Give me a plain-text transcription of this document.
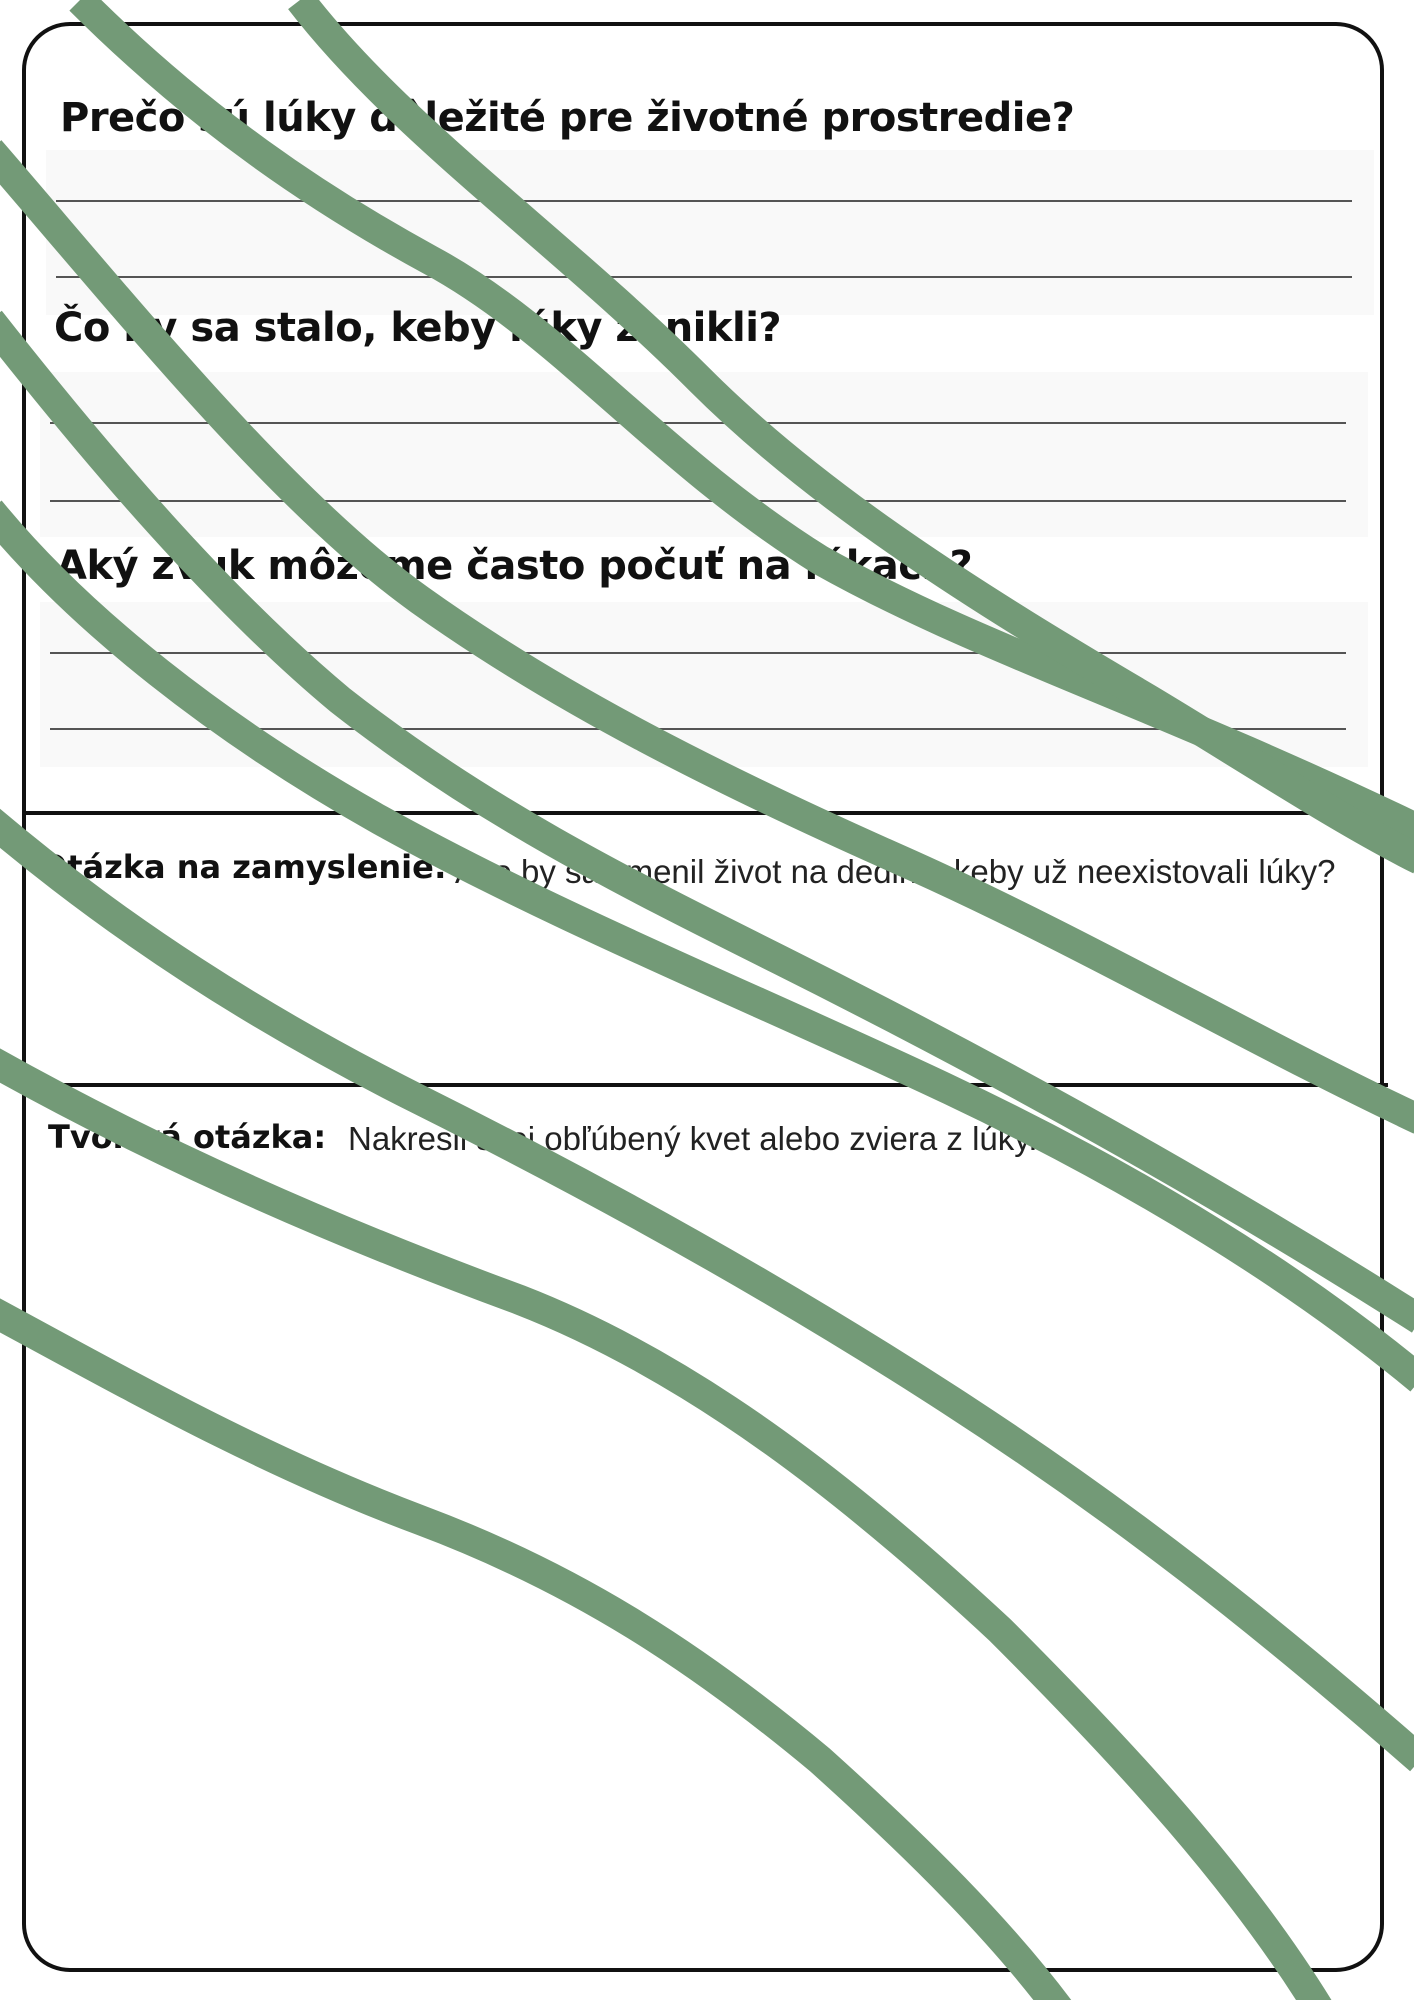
Prečo sú lúky dôležité pre životné prostredie?
Čo by sa stalo, keby lúky zanikli?
Aký zvuk môžeme často počuť na lúkach?
Otázka na zamyslenie: Ako by sa zmenil život na dedine, keby už neexistovali lúky?
Tvorivá otázka: Nakresli svoj obľúbený kvet alebo zviera z lúky.
